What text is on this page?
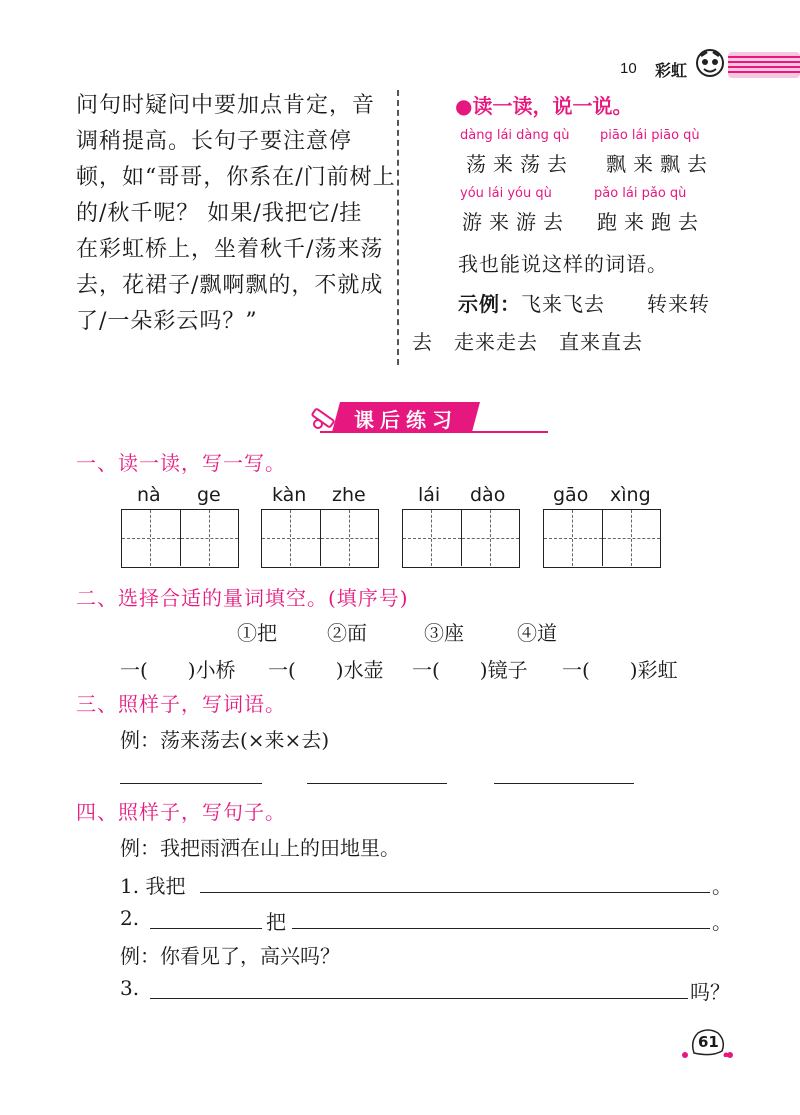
10 彩虹
问句时疑问中要加点肯定，音
调稍提高。长句子要注意停
顿，如“哥哥，你系在/门前树上
的/秋千呢？ 如果/我把它/挂
在彩虹桥上，坐着秋千/荡来荡
去，花裙子/飘啊飘的，不就成
了/一朵彩云吗？”
●读一读，说一说。
dàng lái dàng qù
荡来荡去
piāo lái piāo qù
飘来飘去
yóu lái yóu qù
游来游去
pǎo lái pǎo qù
跑来跑去
我也能说这样的词语。
示例：飞来飞去　　转来转
去　走来走去　直来直去
课后练习
一、读一读，写一写。
nà ge	kàn zhe	lái dào	gāo xìng
二、选择合适的量词填空。(填序号)
①把	②面	③座	④道
一(　　)小桥 一(　　)水壶 一(　　)镜子 一(　　)彩虹
三、照样子，写词语。
例：荡来荡去(×来×去)
四、照样子，写句子。
例：我把雨洒在山上的田地里。
1. 我把	。
2.	把	。
例：你看见了，高兴吗？
3.	吗？
61
